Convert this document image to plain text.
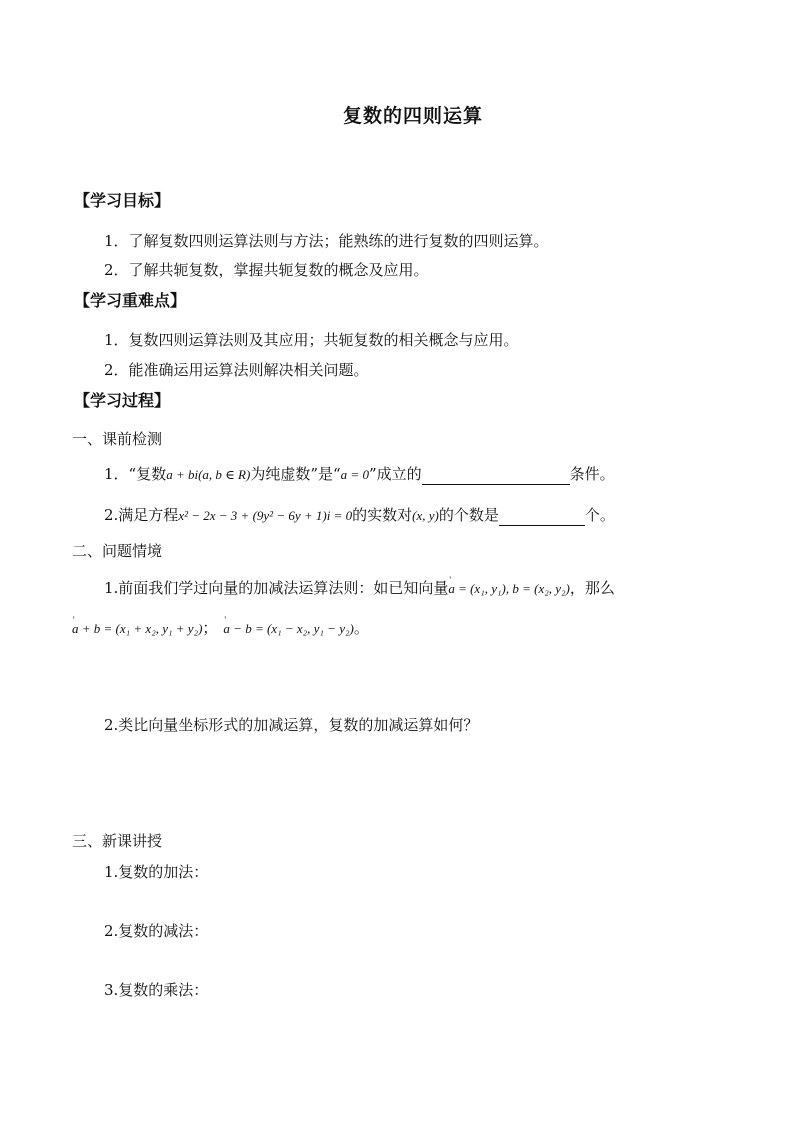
复数的四则运算
【学习目标】
1．了解复数四则运算法则与方法；能熟练的进行复数的四则运算。
2．了解共轭复数，掌握共轭复数的概念及应用。
【学习重难点】
1．复数四则运算法则及其应用；共轭复数的相关概念与应用。
2．能准确运用运算法则解决相关问题。
【学习过程】
一、课前检测
1．“复数a + bi(a, b ∈ R)为纯虚数”是“a = 0”成立的	条件。
2.满足方程x² − 2x − 3 + (9y² − 6y + 1)i = 0的实数对(x, y)的个数是	个。
二、问题情境
1.前面我们学过向量的加减法运算法则：如已知向量' a = (x₁, y₁), b = (x₂, y₂)，那么
' a + b = (x₁ + x₂, y₁ + y₂)；' a − b = (x₁ − x₂, y₁ − y₂)。
2.类比向量坐标形式的加减运算，复数的加减运算如何？
三、新课讲授
1.复数的加法：
2.复数的减法：
3.复数的乘法：
